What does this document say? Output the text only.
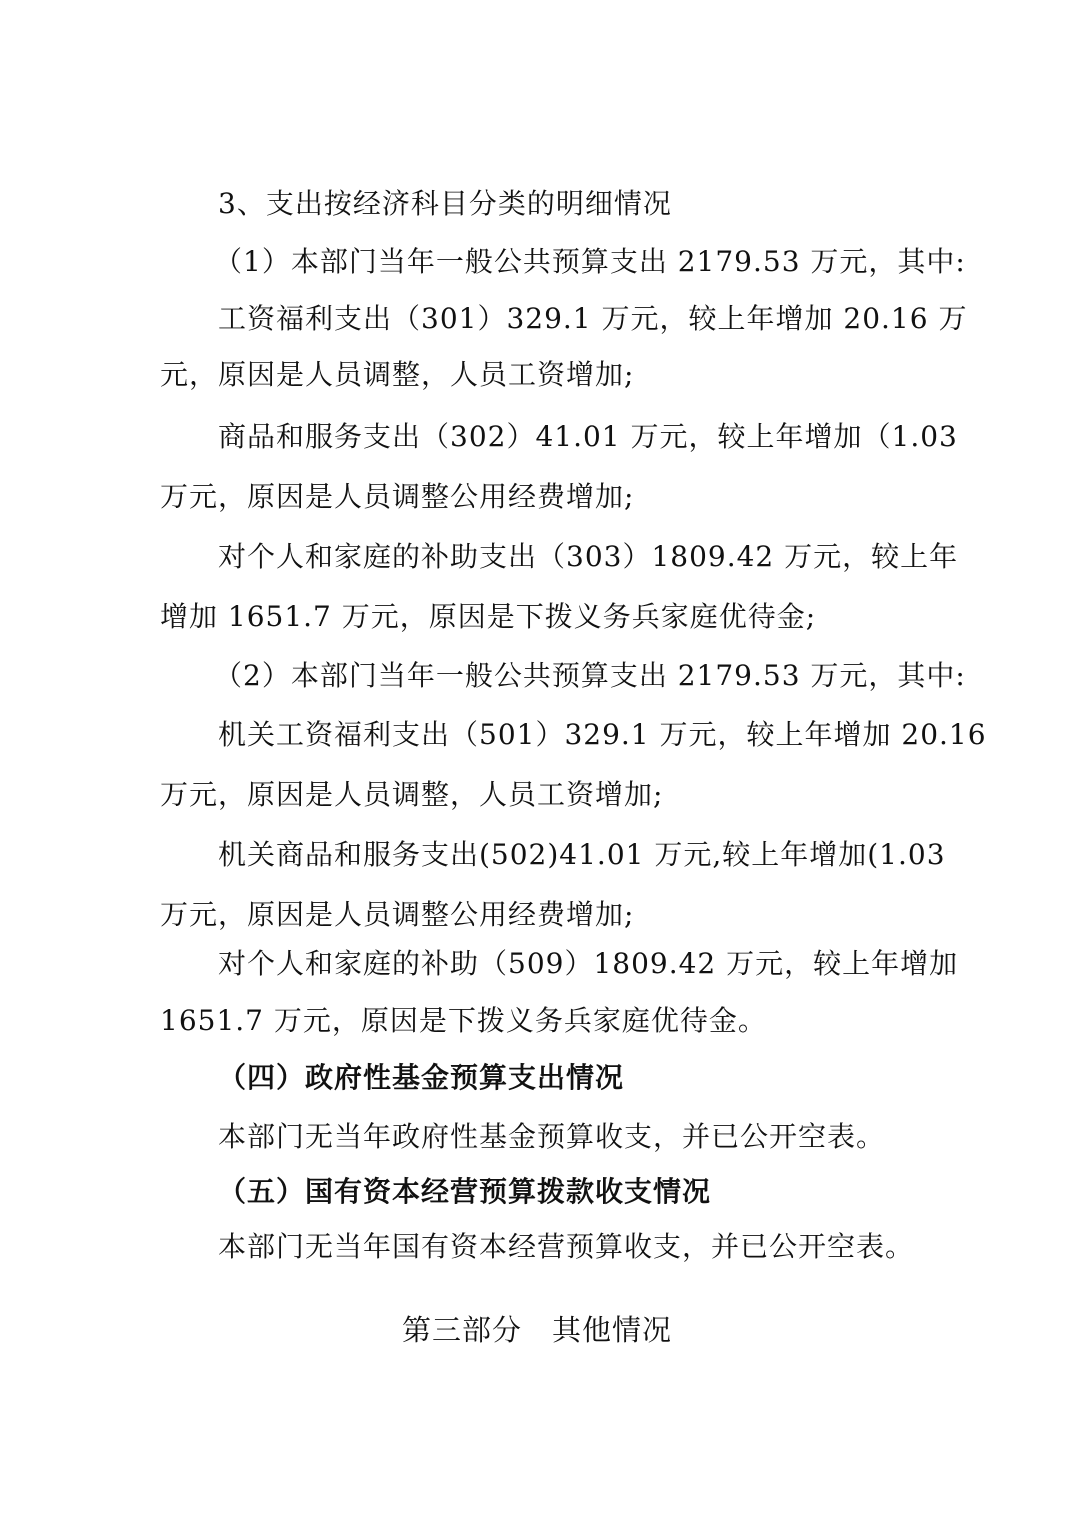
3、支出按经济科目分类的明细情况
（1）本部门当年一般公共预算支出 2179.53 万元，其中:
工资福利支出（301）329.1 万元，较上年增加 20.16 万
元，原因是人员调整，人员工资增加;
商品和服务支出（302）41.01 万元，较上年增加（1.03
万元，原因是人员调整公用经费增加;
对个人和家庭的补助支出（303）1809.42 万元，较上年
增加 1651.7 万元，原因是下拨义务兵家庭优待金;
（2）本部门当年一般公共预算支出 2179.53 万元，其中:
机关工资福利支出（501）329.1 万元，较上年增加 20.16
万元，原因是人员调整，人员工资增加;
机关商品和服务支出(502)41.01 万元,较上年增加(1.03
万元，原因是人员调整公用经费增加;
对个人和家庭的补助（509）1809.42 万元，较上年增加
1651.7 万元，原因是下拨义务兵家庭优待金。
（四）政府性基金预算支出情况
本部门无当年政府性基金预算收支，并已公开空表。
（五）国有资本经营预算拨款收支情况
本部门无当年国有资本经营预算收支，并已公开空表。
第三部分　其他情况
